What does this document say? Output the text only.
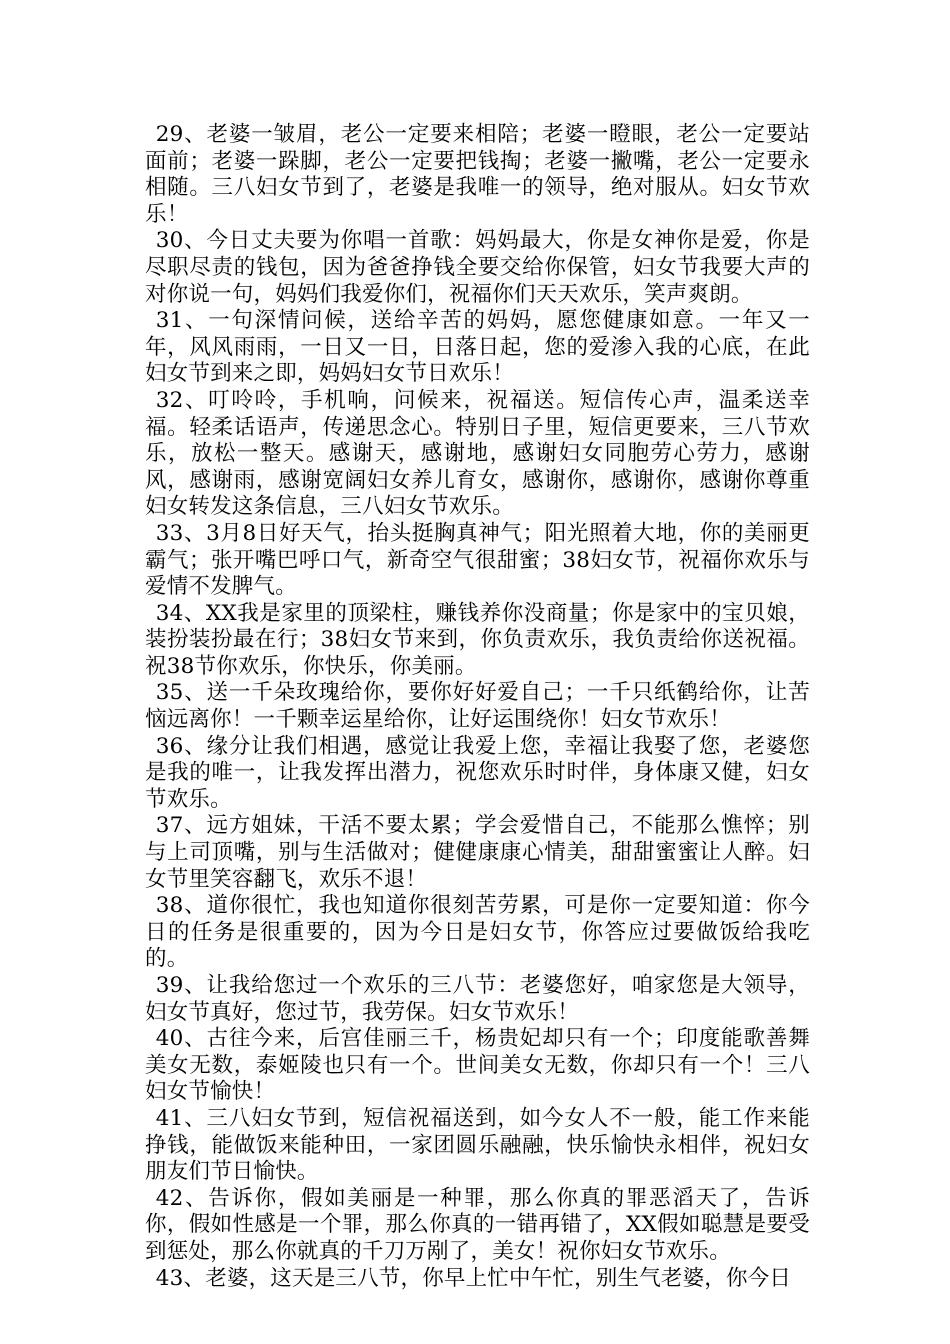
29、老婆一皱眉，老公一定要来相陪；老婆一瞪眼，老公一定要站面前；老婆一跺脚，老公一定要把钱掏；老婆一撇嘴，老公一定要永相随。三八妇女节到了，老婆是我唯一的领导，绝对服从。妇女节欢乐！

30、今日丈夫要为你唱一首歌：妈妈最大，你是女神你是爱，你是尽职尽责的钱包，因为爸爸挣钱全要交给你保管，妇女节我要大声的对你说一句，妈妈们我爱你们，祝福你们天天欢乐，笑声爽朗。

31、一句深情问候，送给辛苦的妈妈，愿您健康如意。一年又一年，风风雨雨，一日又一日，日落日起，您的爱渗入我的心底，在此妇女节到来之即，妈妈妇女节日欢乐！

32、叮呤呤，手机响，问候来，祝福送。短信传心声，温柔送幸福。轻柔话语声，传递思念心。特别日子里，短信更要来，三八节欢乐，放松一整天。感谢天，感谢地，感谢妇女同胞劳心劳力，感谢风，感谢雨，感谢宽阔妇女养儿育女，感谢你，感谢你，感谢你尊重妇女转发这条信息，三八妇女节欢乐。

33、3月8日好天气，抬头挺胸真神气；阳光照着大地，你的美丽更霸气；张开嘴巴呼口气，新奇空气很甜蜜；38妇女节，祝福你欢乐与爱情不发脾气。

34、XX我是家里的顶梁柱，赚钱养你没商量；你是家中的宝贝娘，装扮装扮最在行；38妇女节来到，你负责欢乐，我负责给你送祝福。祝38节你欢乐，你快乐，你美丽。

35、送一千朵玫瑰给你，要你好好爱自己；一千只纸鹤给你，让苦恼远离你！一千颗幸运星给你，让好运围绕你！妇女节欢乐！

36、缘分让我们相遇，感觉让我爱上您，幸福让我娶了您，老婆您是我的唯一，让我发挥出潜力，祝您欢乐时时伴，身体康又健，妇女节欢乐。

37、远方姐妹，干活不要太累；学会爱惜自己，不能那么憔悴；别与上司顶嘴，别与生活做对；健健康康心情美，甜甜蜜蜜让人醉。妇女节里笑容翻飞，欢乐不退！

38、道你很忙，我也知道你很刻苦劳累，可是你一定要知道：你今日的任务是很重要的，因为今日是妇女节，你答应过要做饭给我吃的。

39、让我给您过一个欢乐的三八节：老婆您好，咱家您是大领导，妇女节真好，您过节，我劳保。妇女节欢乐！

40、古往今来，后宫佳丽三千，杨贵妃却只有一个；印度能歌善舞美女无数，泰姬陵也只有一个。世间美女无数，你却只有一个！三八妇女节愉快！

41、三八妇女节到，短信祝福送到，如今女人不一般，能工作来能挣钱，能做饭来能种田，一家团圆乐融融，快乐愉快永相伴，祝妇女朋友们节日愉快。

42、告诉你，假如美丽是一种罪，那么你真的罪恶滔天了，告诉你，假如性感是一个罪，那么你真的一错再错了，XX假如聪慧是要受到惩处，那么你就真的千刀万剐了，美女！祝你妇女节欢乐。

43、老婆，这天是三八节，你早上忙中午忙，别生气老婆，你今日
